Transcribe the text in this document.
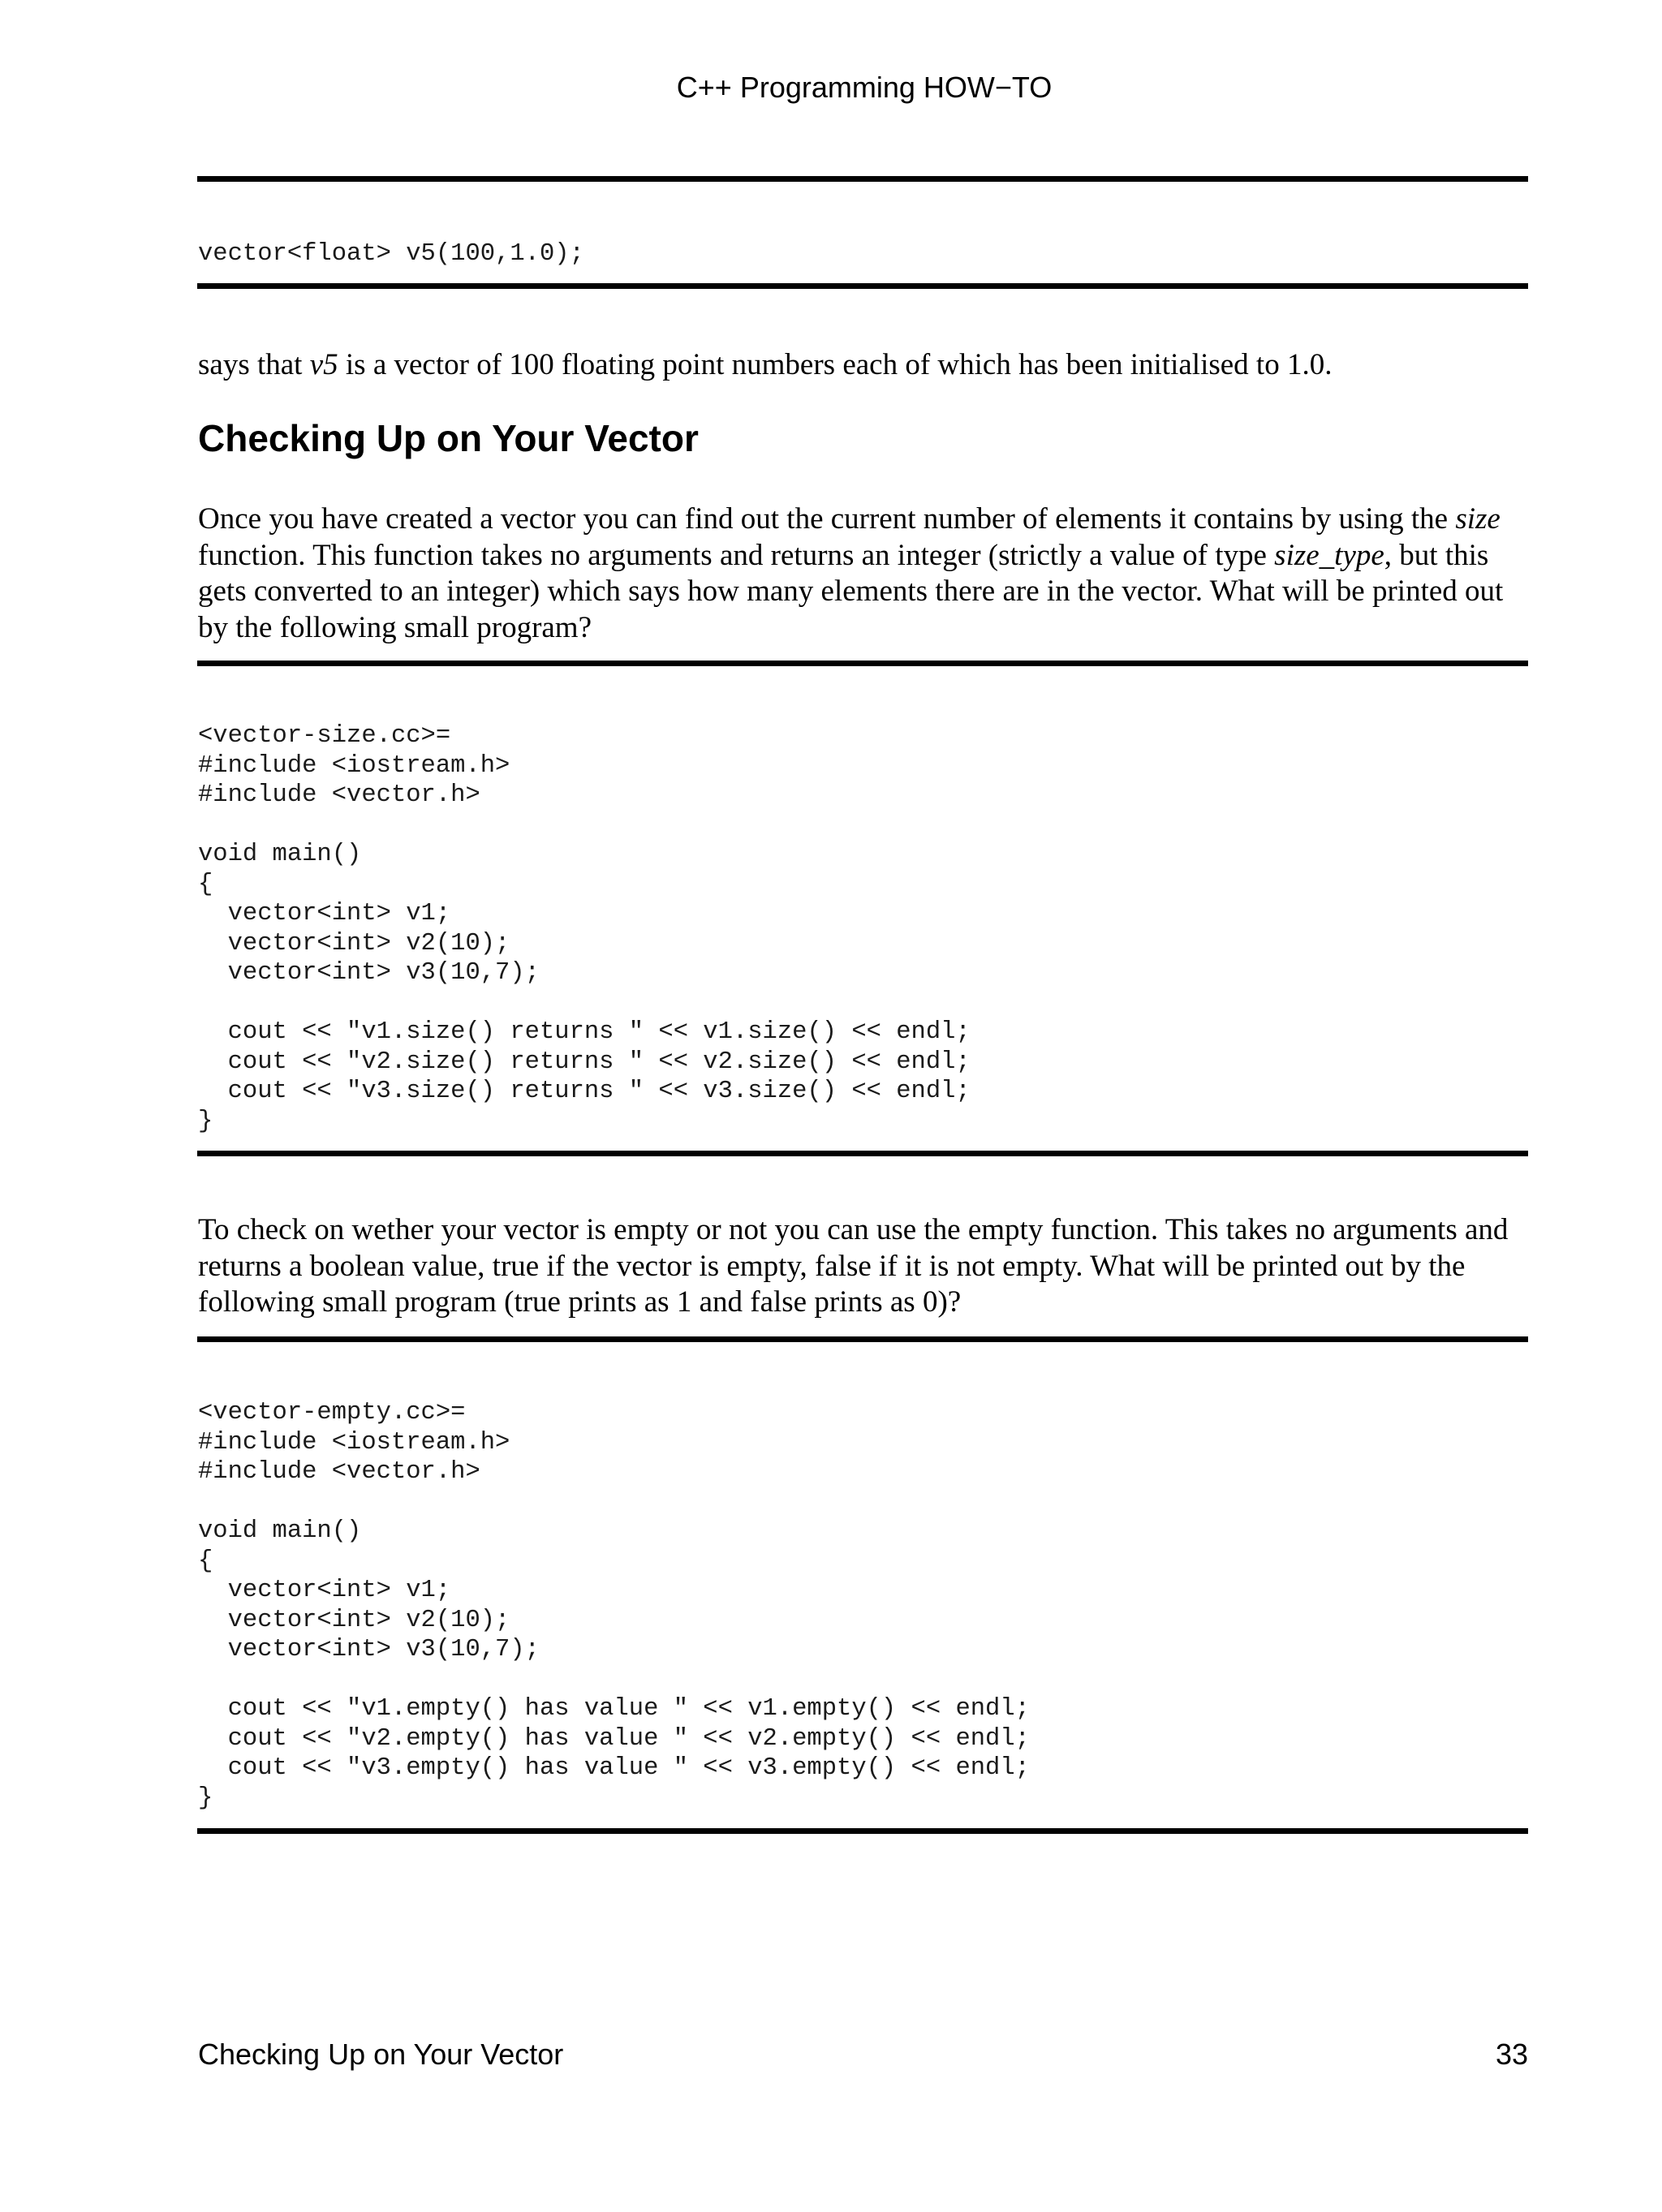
C++ Programming HOW−TO
vector<float> v5(100,1.0);

says that v5 is a vector of 100 floating point numbers each of which has been initialised to 1.0.

Checking Up on Your Vector

Once you have created a vector you can find out the current number of elements it contains by using the size function. This function takes no arguments and returns an integer (strictly a value of type size_type, but this gets converted to an integer) which says how many elements there are in the vector. What will be printed out by the following small program?

<vector-size.cc>=
#include <iostream.h>
#include <vector.h>

void main()
{
vector<int> v1;
vector<int> v2(10);
vector<int> v3(10,7);

cout << "v1.size() returns " << v1.size() << endl;
cout << "v2.size() returns " << v2.size() << endl;
cout << "v3.size() returns " << v3.size() << endl;
}

To check on wether your vector is empty or not you can use the empty function. This takes no arguments and returns a boolean value, true if the vector is empty, false if it is not empty. What will be printed out by the following small program (true prints as 1 and false prints as 0)?

<vector-empty.cc>=
#include <iostream.h>
#include <vector.h>

void main()
{
vector<int> v1;
vector<int> v2(10);
vector<int> v3(10,7);

cout << "v1.empty() has value " << v1.empty() << endl;
cout << "v2.empty() has value " << v2.empty() << endl;
cout << "v3.empty() has value " << v3.empty() << endl;
}
Checking Up on Your Vector	33
